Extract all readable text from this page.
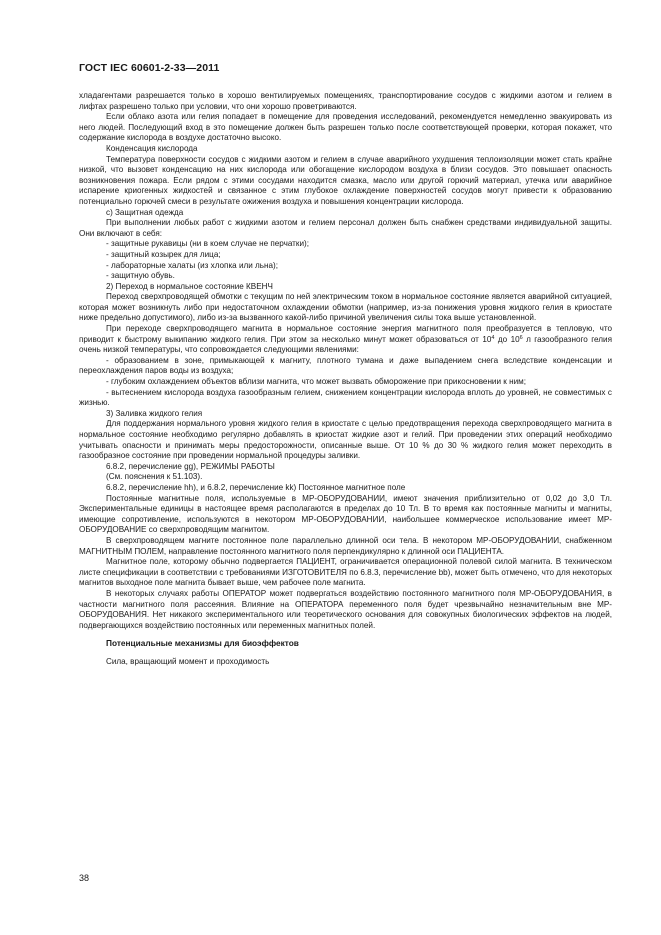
ГОСТ IEC 60601-2-33—2011

хладагентами разрешается только в хорошо вентилируемых помещениях, транспортирование сосудов с жидкими азотом и гелием в лифтах разрешено только при условии, что они хорошо проветриваются.

Если облако азота или гелия попадает в помещение для проведения исследований, рекомендуется немедленно эвакуировать из него людей. Последующий вход в это помещение должен быть разрешен только после соответствующей проверки, которая покажет, что содержание кислорода в воздухе достаточно высоко.

Конденсация кислорода

Температура поверхности сосудов с жидкими азотом и гелием в случае аварийного ухудшения теплоизоляции может стать крайне низкой, что вызовет конденсацию на них кислорода или обогащение кислородом воздуха в близи сосудов. Это повышает опасность возникновения пожара. Если рядом с этими сосудами находится смазка, масло или другой горючий материал, утечка или аварийное испарение криогенных жидкостей и связанное с этим глубокое охлаждение поверхностей сосудов могут привести к образованию потенциально горючей смеси в результате ожижения воздуха и повышения концентрации кислорода.

с) Защитная одежда

При выполнении любых работ с жидкими азотом и гелием персонал должен быть снабжен средствами индивидуальной защиты. Они включают в себя:

- защитные рукавицы (ни в коем случае не перчатки);

- защитный козырек для лица;

- лабораторные халаты (из хлопка или льна);

- защитную обувь.

2) Переход в нормальное состояние КВЕНЧ

Переход сверхпроводящей обмотки с текущим по ней электрическим током в нормальное состояние является аварийной ситуацией, которая может возникнуть либо при недостаточном охлаждении обмотки (например, из-за понижения уровня жидкого гелия в криостате ниже предельно допустимого), либо из-за вызванного какой-либо причиной увеличения силы тока выше установленной.

При переходе сверхпроводящего магнита в нормальное состояние энергия магнитного поля преобразуется в тепловую, что приводит к быстрому выкипанию жидкого гелия. При этом за несколько минут может образоваться от $10^4$ до $10^6$ л газообразного гелия очень низкой температуры, что сопровождается следующими явлениями:

- образованием в зоне, примыкающей к магниту, плотного тумана и даже выпадением снега вследствие конденсации и переохлаждения паров воды из воздуха;

- глубоким охлаждением объектов вблизи магнита, что может вызвать обморожение при прикосновении к ним;

- вытеснением кислорода воздуха газообразным гелием, снижением концентрации кислорода вплоть до уровней, не совместимых с жизнью.

3) Заливка жидкого гелия

Для поддержания нормального уровня жидкого гелия в криостате с целью предотвращения перехода сверхпроводящего магнита в нормальное состояние необходимо регулярно добавлять в криостат жидкие азот и гелий. При проведении этих операций необходимо учитывать опасности и принимать меры предосторожности, описанные выше. От 10 % до 30 % жидкого гелия может переходить в газообразное состояние при проведении нормальной процедуры заливки.

6.8.2, перечисление gg), РЕЖИМЫ РАБОТЫ

(См. пояснения к 51.103).

6.8.2, перечисление hh), и 6.8.2, перечисление kk) Постоянное магнитное поле

Постоянные магнитные поля, используемые в МР-ОБОРУДОВАНИИ, имеют значения приблизительно от 0,02 до 3,0 Тл. Экспериментальные единицы в настоящее время располагаются в пределах до 10 Тл. В то время как постоянные магниты и магниты, имеющие сопротивление, используются в некотором МР-ОБОРУДОВАНИИ, наибольшее коммерческое использование имеет МР-ОБОРУДОВАНИЕ со сверхпроводящим магнитом.

В сверхпроводящем магните постоянное поле параллельно длинной оси тела. В некотором МР-ОБОРУДОВАНИИ, снабженном МАГНИТНЫМ ПОЛЕМ, направление постоянного магнитного поля перпендикулярно к длинной оси ПАЦИЕНТА.

Магнитное поле, которому обычно подвергается ПАЦИЕНТ, ограничивается операционной полевой силой магнита. В техническом листе спецификации в соответствии с требованиями ИЗГОТОВИТЕЛЯ по 6.8.3, перечисление bb), может быть отмечено, что для некоторых магнитов выходное поле магнита бывает выше, чем рабочее поле магнита.

В некоторых случаях работы ОПЕРАТОР может подвергаться воздействию постоянного магнитного поля МР-ОБОРУДОВАНИЯ, в частности магнитного поля рассеяния. Влияние на ОПЕРАТОРА переменного поля будет чрезвычайно незначительным вне МР-ОБОРУДОВАНИЯ. Нет никакого экспериментального или теоретического основания для совокупных биологических эффектов на людей, подвергающихся воздействию постоянных или переменных магнитных полей.

Потенциальные механизмы для биоэффектов

Сила, вращающий момент и проходимость

38
